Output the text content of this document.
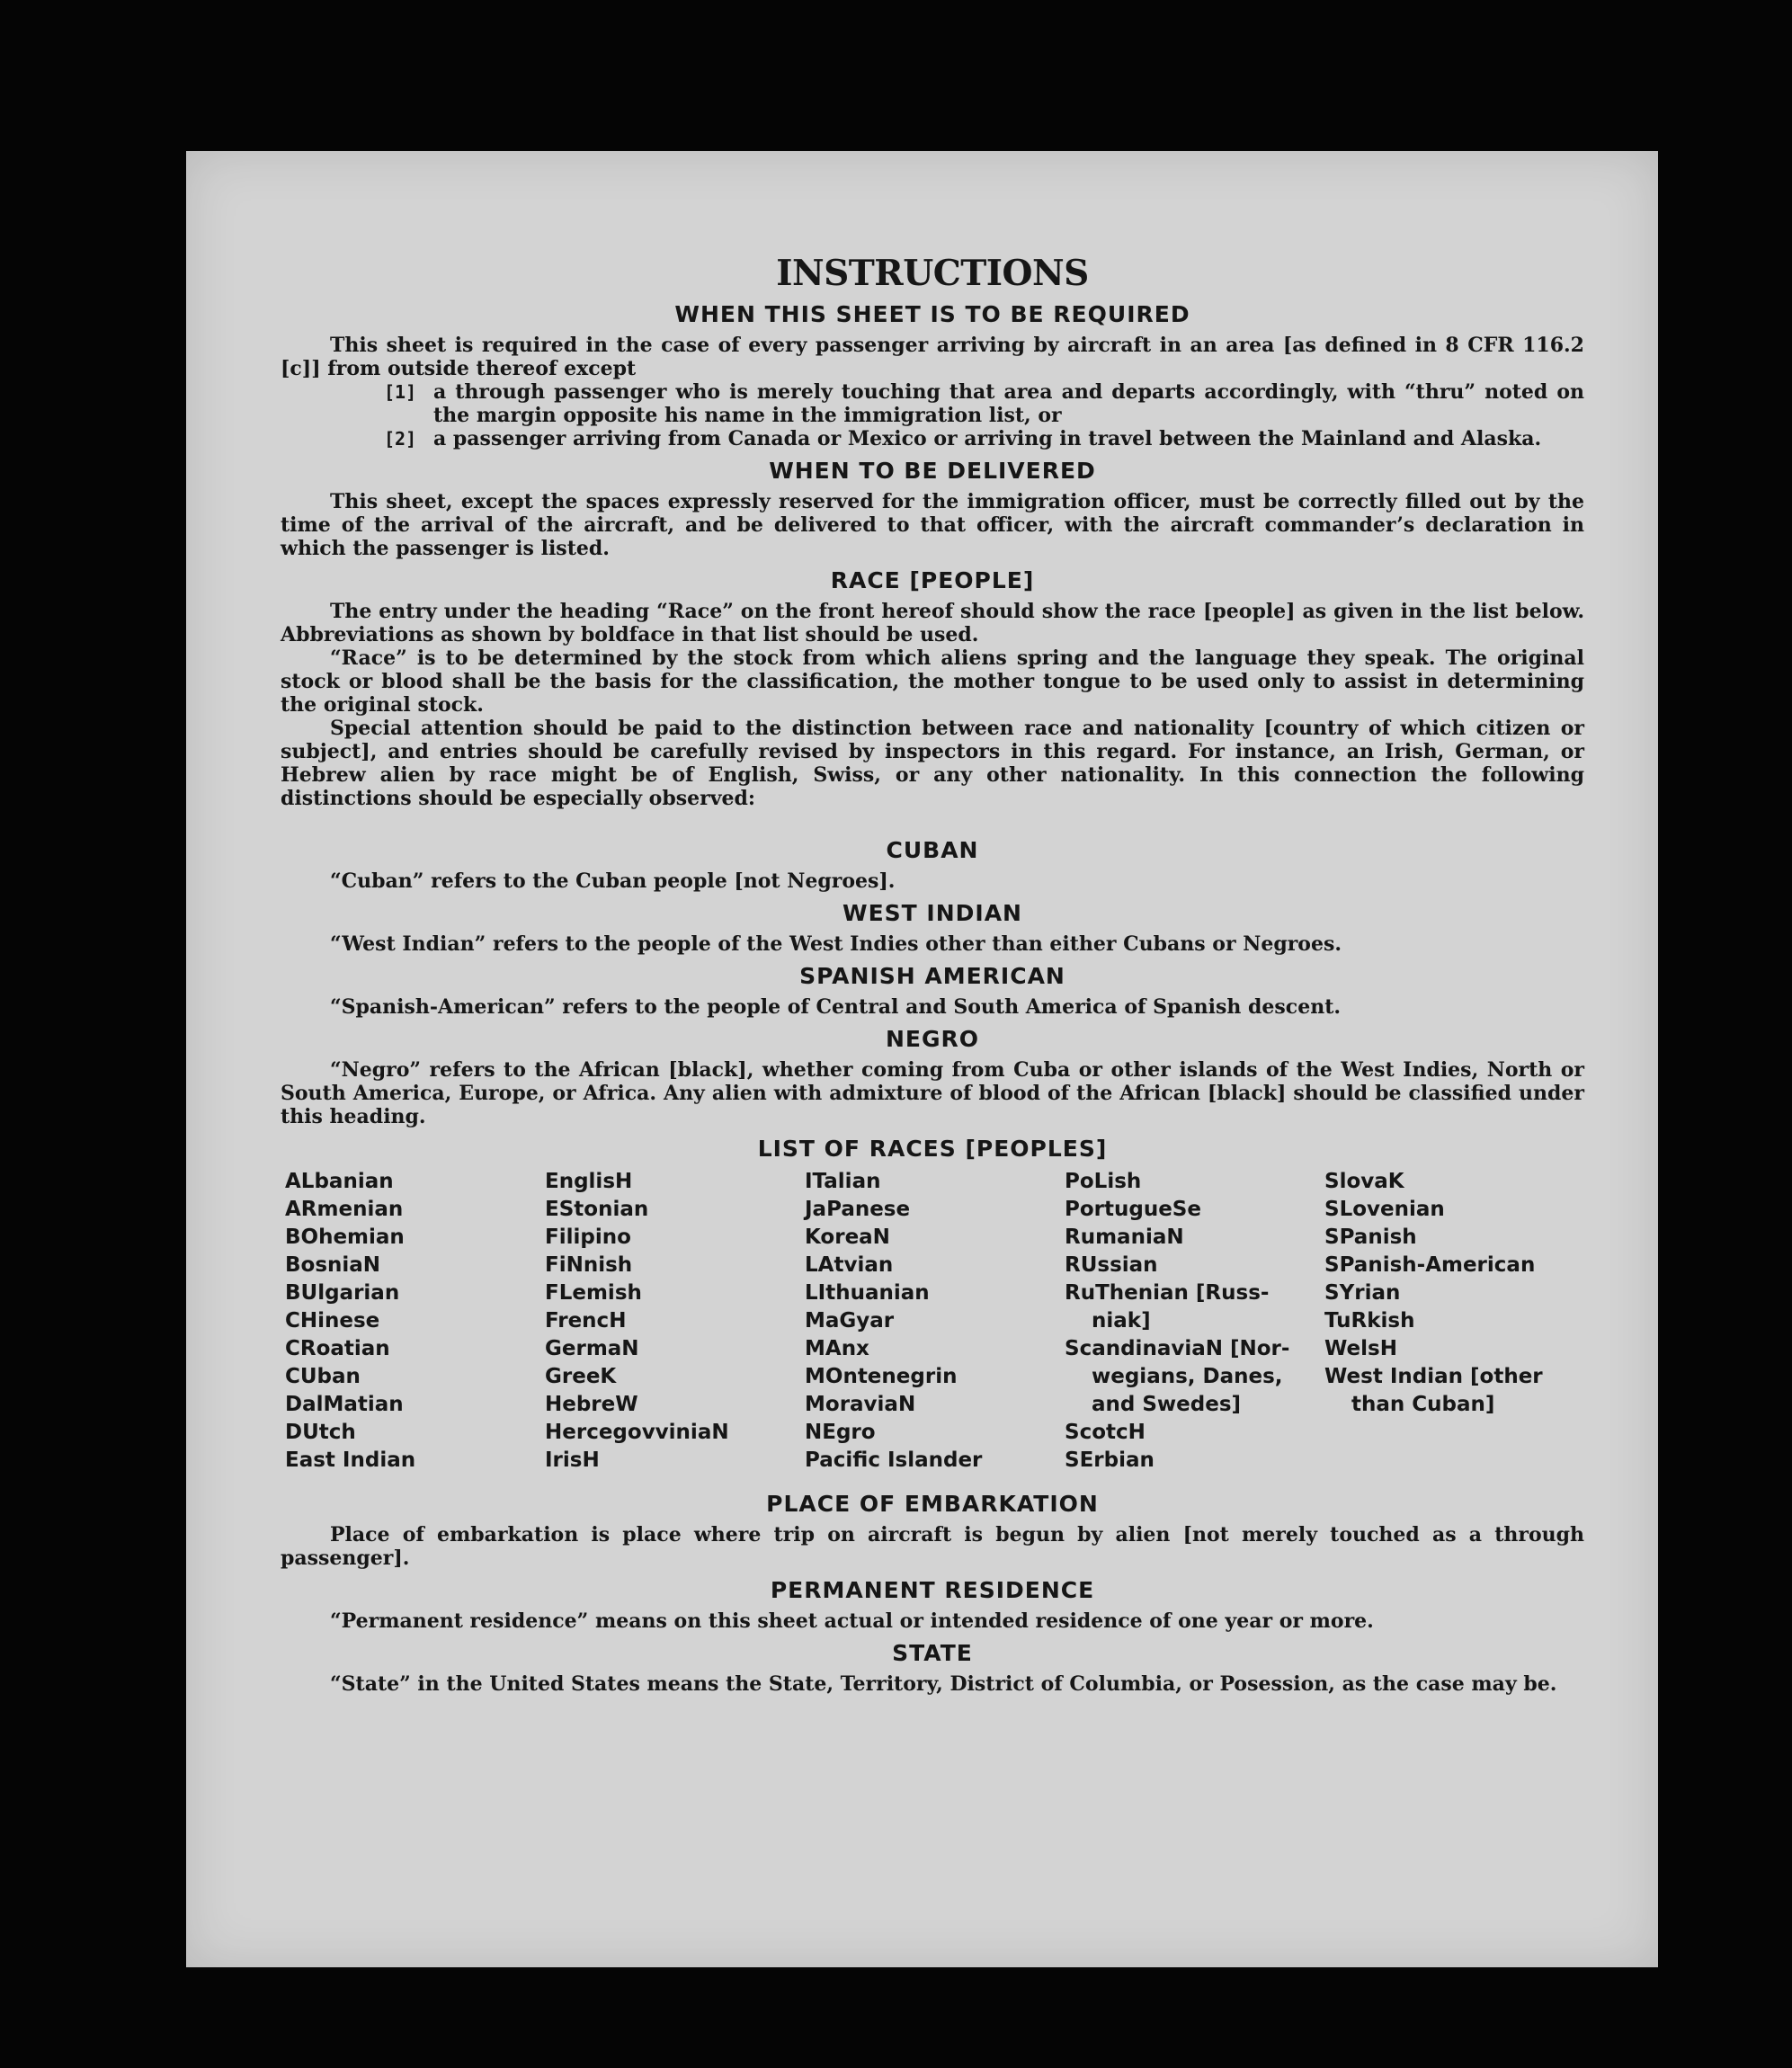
INSTRUCTIONS
WHEN THIS SHEET IS TO BE REQUIRED

This sheet is required in the case of every passenger arriving by aircraft in an area [as defined in 8 CFR 116.2 [c]] from outside thereof except

[1] a through passenger who is merely touching that area and departs accordingly, with “thru” noted on the margin opposite his name in the immigration list, or
[2] a passenger arriving from Canada or Mexico or arriving in travel between the Mainland and Alaska.
WHEN TO BE DELIVERED

This sheet, except the spaces expressly reserved for the immigration officer, must be correctly filled out by the time of the arrival of the aircraft, and be delivered to that officer, with the aircraft commander’s declaration in which the passenger is listed.

RACE [PEOPLE]

The entry under the heading “Race” on the front hereof should show the race [people] as given in the list below. Abbreviations as shown by boldface in that list should be used.

“Race” is to be determined by the stock from which aliens spring and the language they speak. The original stock or blood shall be the basis for the classification, the mother tongue to be used only to assist in determining the original stock.

Special attention should be paid to the distinction between race and nationality [country of which citizen or subject], and entries should be carefully revised by inspectors in this regard. For instance, an Irish, German, or Hebrew alien by race might be of English, Swiss, or any other nationality. In this connection the following distinctions should be especially observed:

CUBAN

“Cuban” refers to the Cuban people [not Negroes].

WEST INDIAN

“West Indian” refers to the people of the West Indies other than either Cubans or Negroes.

SPANISH AMERICAN

“Spanish-American” refers to the people of Central and South America of Spanish descent.

NEGRO

“Negro” refers to the African [black], whether coming from Cuba or other islands of the West Indies, North or South America, Europe, or Africa. Any alien with admixture of blood of the African [black] should be classified under this heading.

LIST OF RACES [PEOPLES]
ALbanian
ARmenian
BOhemian
BosniaN
BUlgarian
CHinese
CRoatian
CUban
DalMatian
DUtch
East Indian
EnglisH
EStonian
Filipino
FiNnish
FLemish
FrencH
GermaN
GreeK
HebreW
HercegovviniaN
IrisH
ITalian
JaPanese
KoreaN
LAtvian
LIthuanian
MaGyar
MAnx
MOntenegrin
MoraviaN
NEgro
Pacific Islander
PoLish
PortugueSe
RumaniaN
RUssian
RuThenian [Russ-
niak]
ScandinaviaN [Nor-
wegians, Danes,
and Swedes]
ScotcH
SErbian
SlovaK
SLovenian
SPanish
SPanish-American
SYrian
TuRkish
WelsH
West Indian [other
than Cuban]
PLACE OF EMBARKATION

Place of embarkation is place where trip on aircraft is begun by alien [not merely touched as a through passenger].

PERMANENT RESIDENCE

“Permanent residence” means on this sheet actual or intended residence of one year or more.

STATE

“State” in the United States means the State, Territory, District of Columbia, or Posession, as the case may be.
